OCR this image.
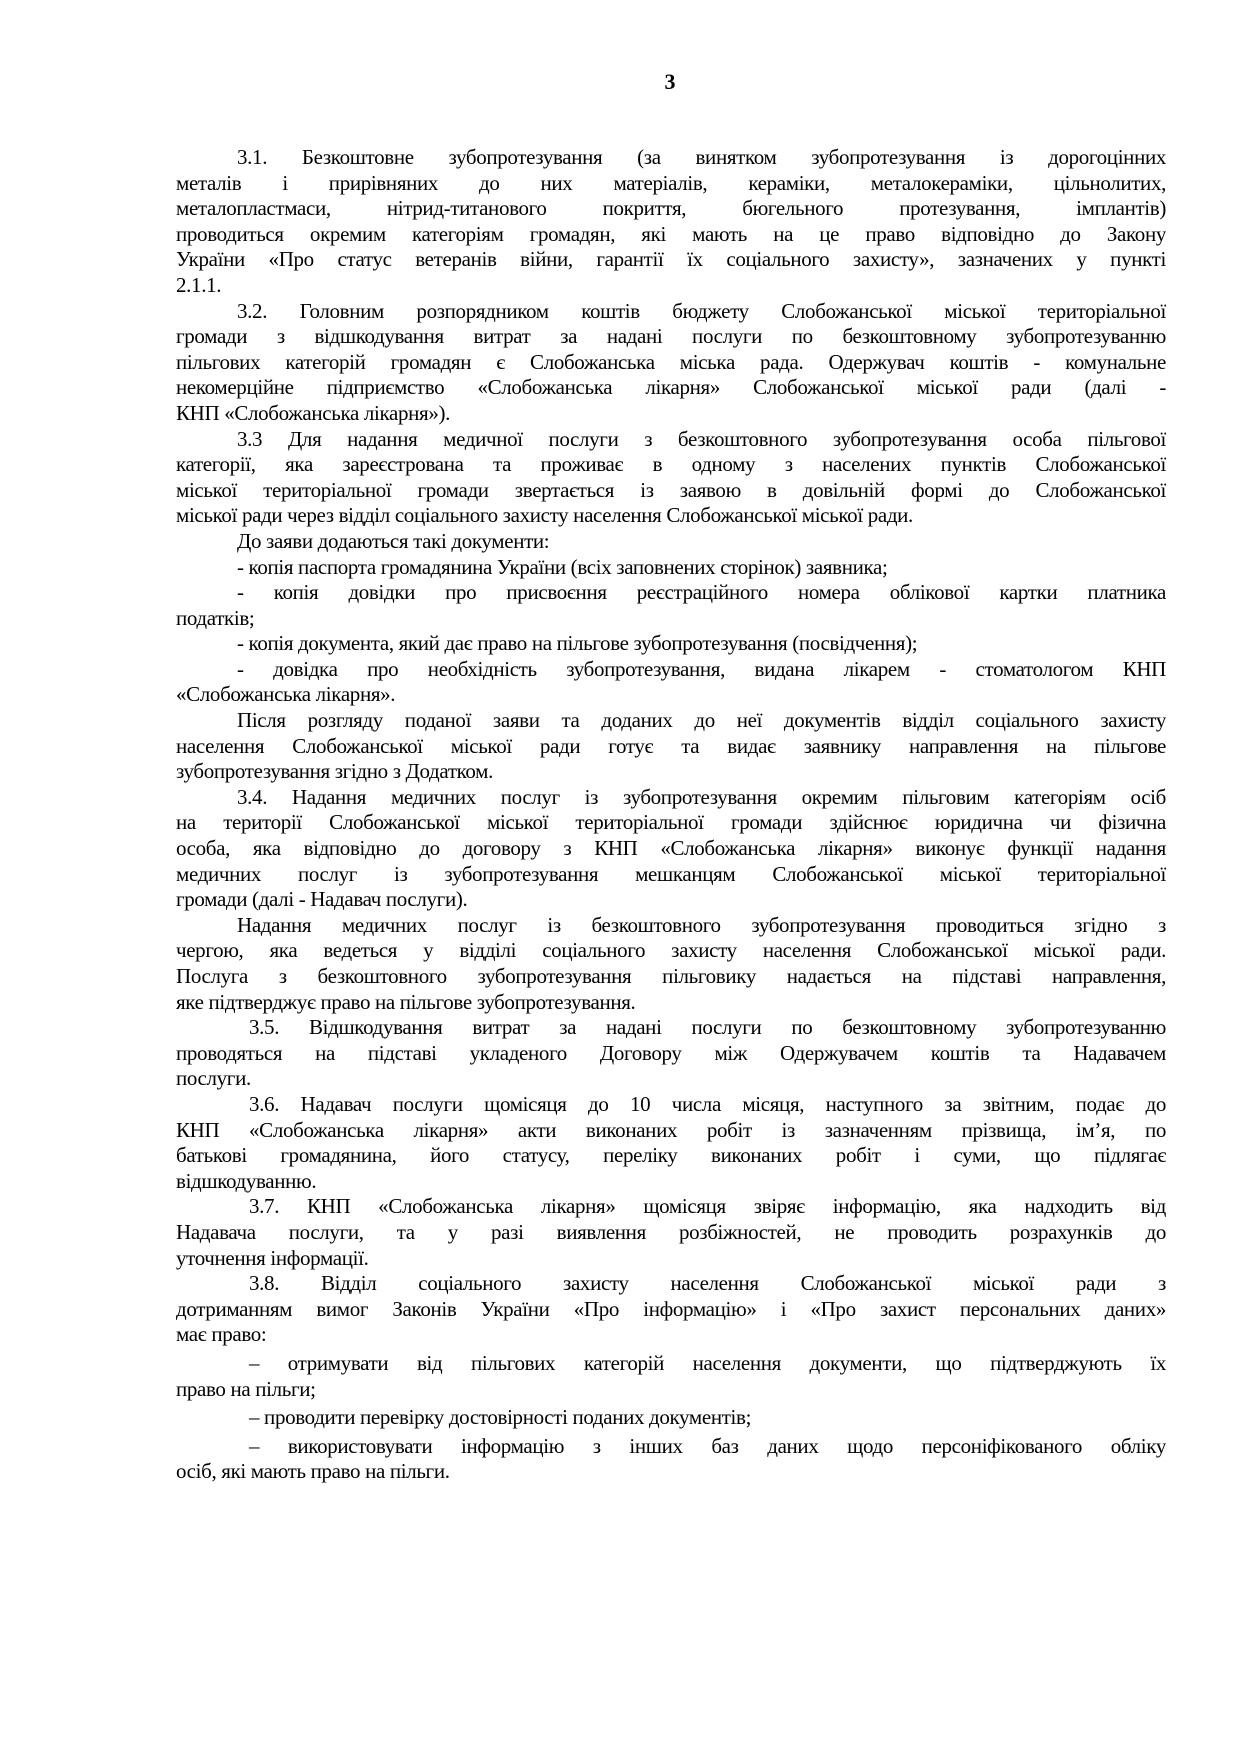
3
3.1. Безкоштовне зубопротезування (за винятком зубопротезування із дорогоцінних
металів і прирівняних до них матеріалів, кераміки, металокераміки, цільнолитих,
металопластмаси, нітрид-титанового покриття, бюгельного протезування, імплантів)
проводиться окремим категоріям громадян, які мають на це право відповідно до Закону
України «Про статус ветеранів війни, гарантії їх соціального захисту», зазначених у пункті
2.1.1.
3.2. Головним розпорядником коштів бюджету Слобожанської міської територіальної
громади з відшкодування витрат за надані послуги по безкоштовному зубопротезуванню
пільгових категорій громадян є Слобожанська міська рада. Одержувач коштів - комунальне
некомерційне підприємство «Слобожанська лікарня» Слобожанської міської ради (далі -
КНП «Слобожанська лікарня»).
3.3 Для надання медичної послуги з безкоштовного зубопротезування особа пільгової
категорії, яка зареєстрована та проживає в одному з населених пунктів Слобожанської
міської територіальної громади звертається із заявою в довільній формі до Слобожанської
міської ради через відділ соціального захисту населення Слобожанської міської ради.
До заяви додаються такі документи:
- копія паспорта громадянина України (всіх заповнених сторінок) заявника;
- копія довідки про присвоєння реєстраційного номера облікової картки платника
податків;
- копія документа, який дає право на пільгове зубопротезування (посвідчення);
- довідка про необхідність зубопротезування, видана лікарем - стоматологом КНП
«Слобожанська лікарня».
Після розгляду поданої заяви та доданих до неї документів відділ соціального захисту
населення Слобожанської міської ради готує та видає заявнику направлення на пільгове
зубопротезування згідно з Додатком.
3.4. Надання медичних послуг із зубопротезування окремим пільговим категоріям осіб
на території Слобожанської міської територіальної громади здійснює юридична чи фізична
особа, яка відповідно до договору з КНП «Слобожанська лікарня» виконує функції надання
медичних послуг із зубопротезування мешканцям Слобожанської міської територіальної
громади (далі - Надавач послуги).
Надання медичних послуг із безкоштовного зубопротезування проводиться згідно з
чергою, яка ведеться у відділі соціального захисту населення Слобожанської міської ради.
Послуга з безкоштовного зубопротезування пільговику надається на підставі направлення,
яке підтверджує право на пільгове зубопротезування.
3.5. Відшкодування витрат за надані послуги по безкоштовному зубопротезуванню
проводяться на підставі укладеного Договору між Одержувачем коштів та Надавачем
послуги.
3.6. Надавач послуги щомісяця до 10 числа місяця, наступного за звітним, подає до
КНП «Слобожанська лікарня» акти виконаних робіт із зазначенням прізвища, ім’я, по
батькові громадянина, його статусу, переліку виконаних робіт і суми, що підлягає
відшкодуванню.
3.7. КНП «Слобожанська лікарня» щомісяця звіряє інформацію, яка надходить від
Надавача послуги, та у разі виявлення розбіжностей, не проводить розрахунків до
уточнення інформації.
3.8. Відділ соціального захисту населення Слобожанської міської ради з
дотриманням вимог Законів України «Про інформацію» і «Про захист персональних даних»
має право:
– отримувати від пільгових категорій населення документи, що підтверджують їх
право на пільги;
– проводити перевірку достовірності поданих документів;
– використовувати інформацію з інших баз даних щодо персоніфікованого обліку
осіб, які мають право на пільги.
